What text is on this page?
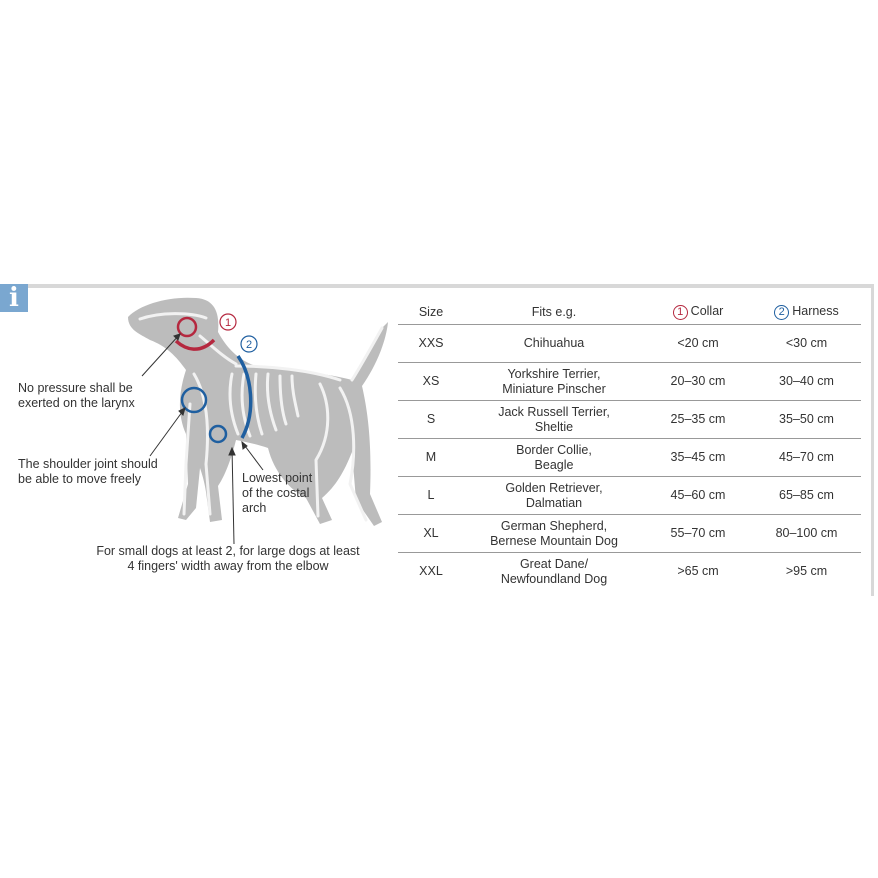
i
1
2
No pressure shall be
exerted on the larynx
The shoulder joint should
be able to move freely	Lowest point
of the costal
arch
For small dogs at least 2, for large dogs at least
4 fingers' width away from the elbow
Size	Fits e.g.	1 Collar	2 Harness
XXS	Chihuahua	<20 cm	<30 cm
XS	Yorkshire Terrier,
Miniature Pinscher	20–30 cm	30–40 cm
S	Jack Russell Terrier,
Sheltie	25–35 cm	35–50 cm
M	Border Collie,
Beagle	35–45 cm	45–70 cm
L	Golden Retriever,
Dalmatian	45–60 cm	65–85 cm
XL	German Shepherd,
Bernese Mountain Dog	55–70 cm	80–100 cm
XXL	Great Dane/
Newfoundland Dog	>65 cm	>95 cm
